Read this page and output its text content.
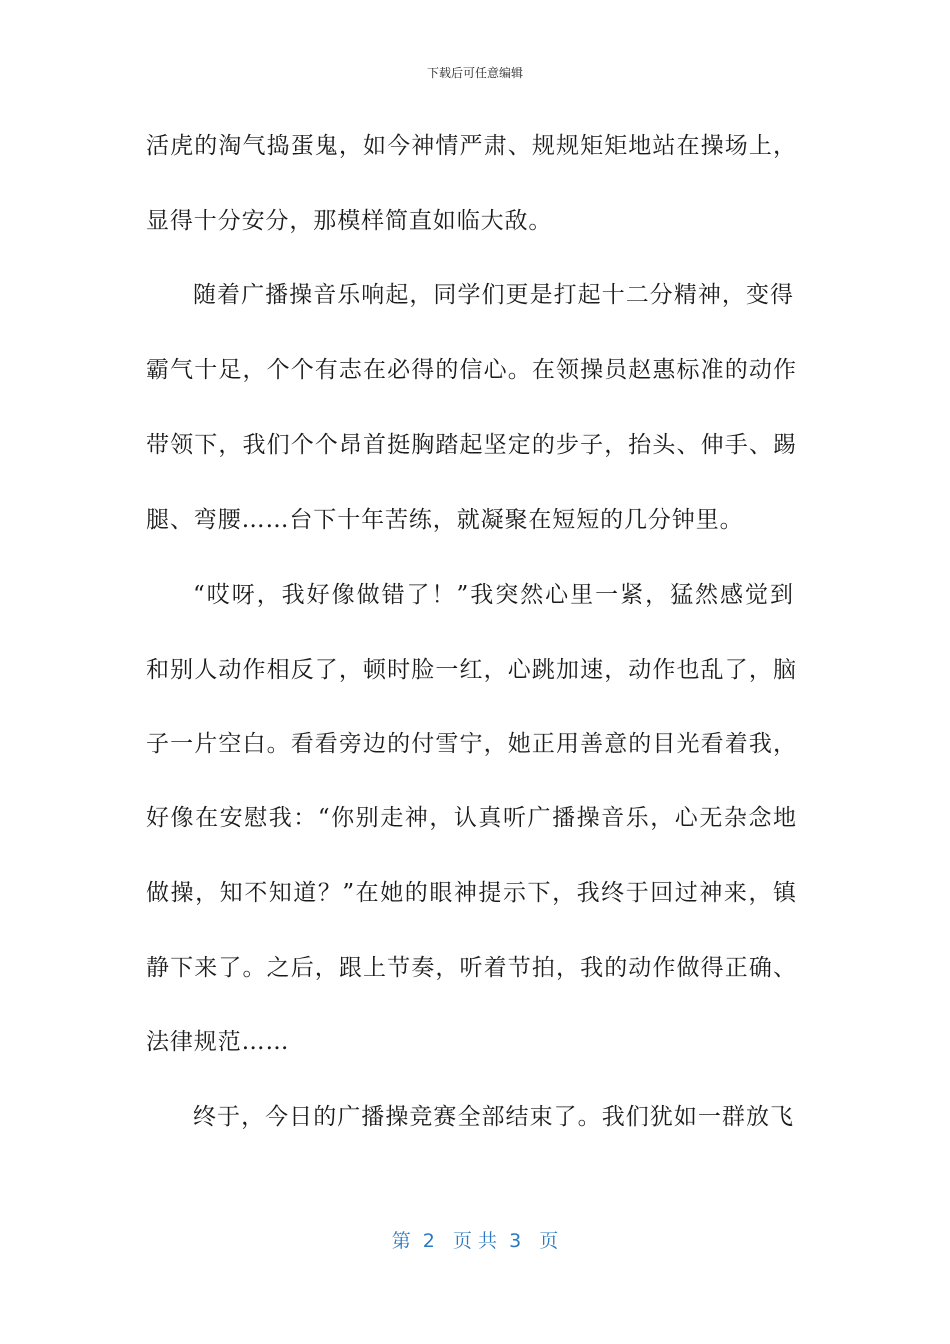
下载后可任意编辑
活虎的淘气捣蛋鬼，如今神情严肃、规规矩矩地站在操场上，
显得十分安分，那模样简直如临大敌。
随着广播操音乐响起，同学们更是打起十二分精神，变得
霸气十足，个个有志在必得的信心。在领操员赵惠标准的动作
带领下，我们个个昂首挺胸踏起坚定的步子，抬头、伸手、踢
腿、弯腰……台下十年苦练，就凝聚在短短的几分钟里。
“哎呀，我好像做错了！”我突然心里一紧，猛然感觉到
和别人动作相反了，顿时脸一红，心跳加速，动作也乱了，脑
子一片空白。看看旁边的付雪宁，她正用善意的目光看着我，
好像在安慰我：“你别走神，认真听广播操音乐，心无杂念地
做操，知不知道？”在她的眼神提示下，我终于回过神来，镇
静下来了。之后，跟上节奏，听着节拍，我的动作做得正确、
法律规范……
终于，今日的广播操竞赛全部结束了。我们犹如一群放飞
第  2   页 共  3   页
